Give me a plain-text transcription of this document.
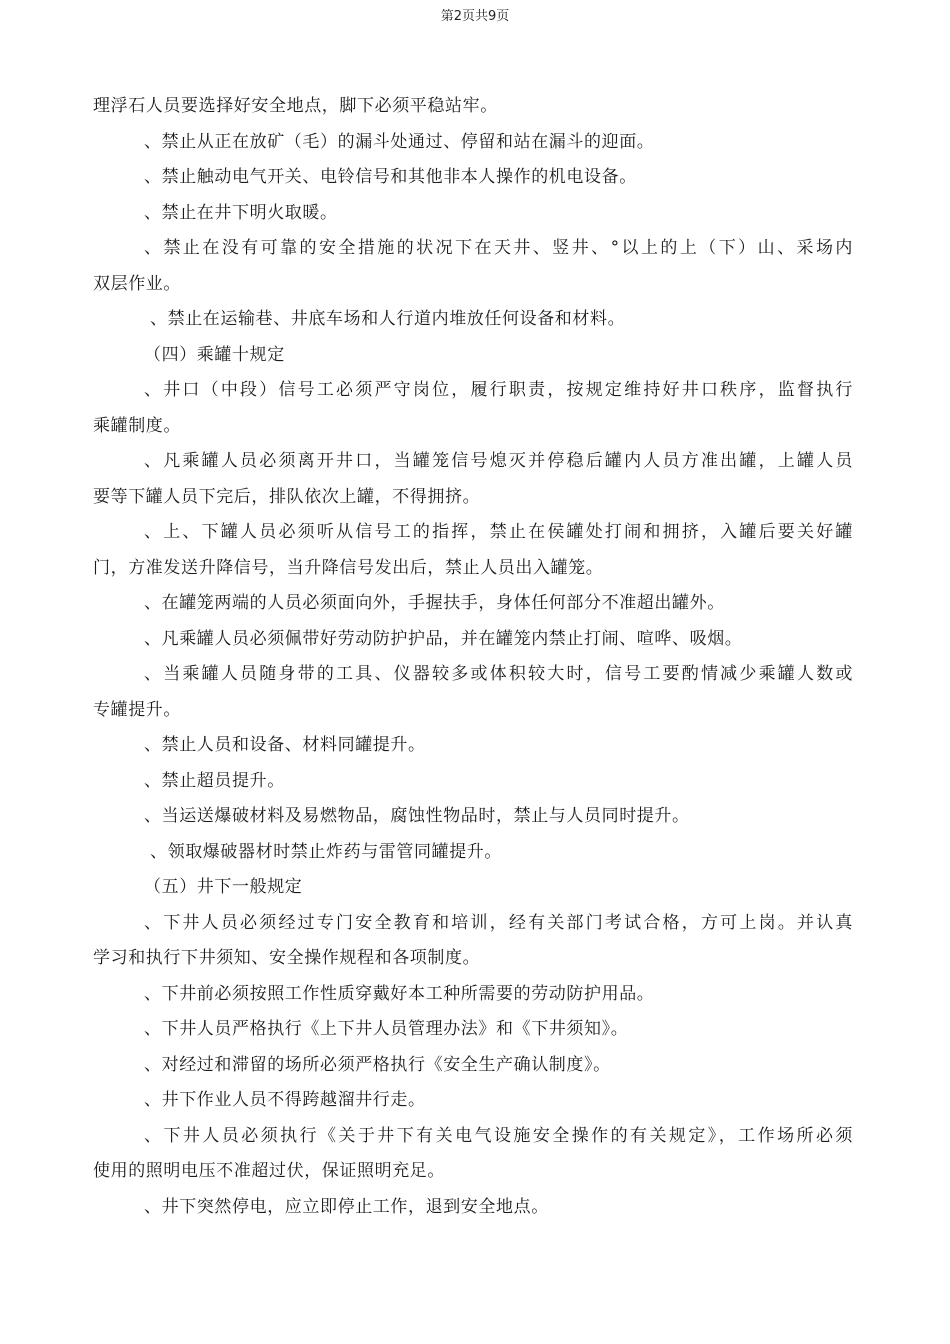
第2页共9页
理浮石人员要选择好安全地点，脚下必须平稳站牢。
、禁止从正在放矿（毛）的漏斗处通过、停留和站在漏斗的迎面。
、禁止触动电气开关、电铃信号和其他非本人操作的机电设备。
、禁止在井下明火取暖。
、禁止在没有可靠的安全措施的状况下在天井、竖井、°以上的上（下）山、采场内
双层作业。
、禁止在运输巷、井底车场和人行道内堆放任何设备和材料。
（四）乘罐十规定
、井口（中段）信号工必须严守岗位，履行职责，按规定维持好井口秩序，监督执行
乘罐制度。
、凡乘罐人员必须离开井口，当罐笼信号熄灭并停稳后罐内人员方准出罐，上罐人员
要等下罐人员下完后，排队依次上罐，不得拥挤。
、上、下罐人员必须听从信号工的指挥，禁止在侯罐处打闹和拥挤，入罐后要关好罐
门，方准发送升降信号，当升降信号发出后，禁止人员出入罐笼。
、在罐笼两端的人员必须面向外，手握扶手，身体任何部分不准超出罐外。
、凡乘罐人员必须佩带好劳动防护护品，并在罐笼内禁止打闹、喧哗、吸烟。
、当乘罐人员随身带的工具、仪器较多或体积较大时，信号工要酌情减少乘罐人数或
专罐提升。
、禁止人员和设备、材料同罐提升。
、禁止超员提升。
、当运送爆破材料及易燃物品，腐蚀性物品时，禁止与人员同时提升。
、领取爆破器材时禁止炸药与雷管同罐提升。
（五）井下一般规定
、下井人员必须经过专门安全教育和培训，经有关部门考试合格，方可上岗。并认真
学习和执行下井须知、安全操作规程和各项制度。
、下井前必须按照工作性质穿戴好本工种所需要的劳动防护用品。
、下井人员严格执行《上下井人员管理办法》和《下井须知》。
、对经过和滞留的场所必须严格执行《安全生产确认制度》。
、井下作业人员不得跨越溜井行走。
、下井人员必须执行《关于井下有关电气设施安全操作的有关规定》，工作场所必须
使用的照明电压不准超过伏，保证照明充足。
、井下突然停电，应立即停止工作，退到安全地点。
